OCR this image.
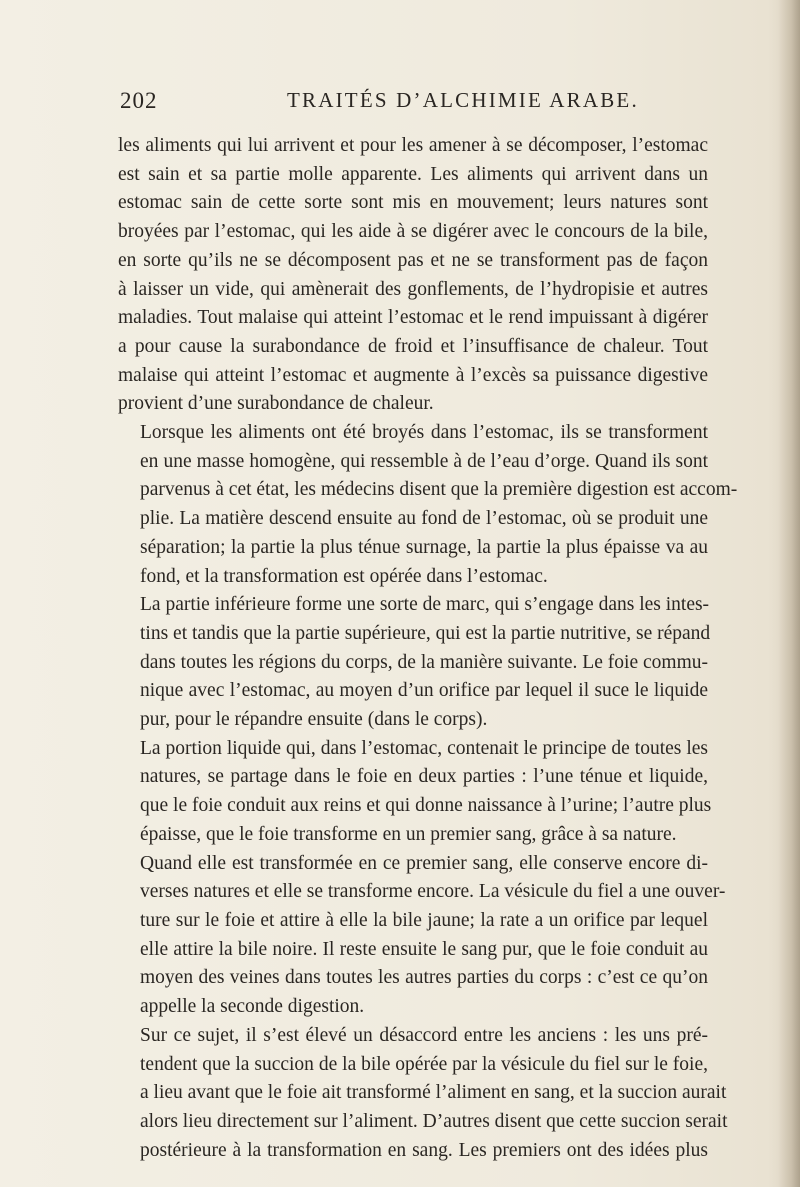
202	TRAITÉS D’ALCHIMIE ARABE.

les aliments qui lui arrivent et pour les amener à se décomposer, l’estomac
est sain et sa partie molle apparente. Les aliments qui arrivent dans un
estomac sain de cette sorte sont mis en mouvement; leurs natures sont
broyées par l’estomac, qui les aide à se digérer avec le concours de la bile,
en sorte qu’ils ne se décomposent pas et ne se transforment pas de façon
à laisser un vide, qui amènerait des gonflements, de l’hydropisie et autres
maladies. Tout malaise qui atteint l’estomac et le rend impuissant à digérer
a pour cause la surabondance de froid et l’insuffisance de chaleur. Tout
malaise qui atteint l’estomac et augmente à l’excès sa puissance digestive
provient d’une surabondance de chaleur.

Lorsque les aliments ont été broyés dans l’estomac, ils se transforment
en une masse homogène, qui ressemble à de l’eau d’orge. Quand ils sont
parvenus à cet état, les médecins disent que la première digestion est accom-
plie. La matière descend ensuite au fond de l’estomac, où se produit une
séparation; la partie la plus ténue surnage, la partie la plus épaisse va au
fond, et la transformation est opérée dans l’estomac.

La partie inférieure forme une sorte de marc, qui s’engage dans les intes-
tins et tandis que la partie supérieure, qui est la partie nutritive, se répand
dans toutes les régions du corps, de la manière suivante. Le foie commu-
nique avec l’estomac, au moyen d’un orifice par lequel il suce le liquide
pur, pour le répandre ensuite (dans le corps).

La portion liquide qui, dans l’estomac, contenait le principe de toutes les
natures, se partage dans le foie en deux parties : l’une ténue et liquide,
que le foie conduit aux reins et qui donne naissance à l’urine; l’autre plus
épaisse, que le foie transforme en un premier sang, grâce à sa nature.

Quand elle est transformée en ce premier sang, elle conserve encore di-
verses natures et elle se transforme encore. La vésicule du fiel a une ouver-
ture sur le foie et attire à elle la bile jaune; la rate a un orifice par lequel
elle attire la bile noire. Il reste ensuite le sang pur, que le foie conduit au
moyen des veines dans toutes les autres parties du corps : c’est ce qu’on
appelle la seconde digestion.

Sur ce sujet, il s’est élevé un désaccord entre les anciens : les uns pré-
tendent que la succion de la bile opérée par la vésicule du fiel sur le foie,
a lieu avant que le foie ait transformé l’aliment en sang, et la succion aurait
alors lieu directement sur l’aliment. D’autres disent que cette succion serait
postérieure à la transformation en sang. Les premiers ont des idées plus
